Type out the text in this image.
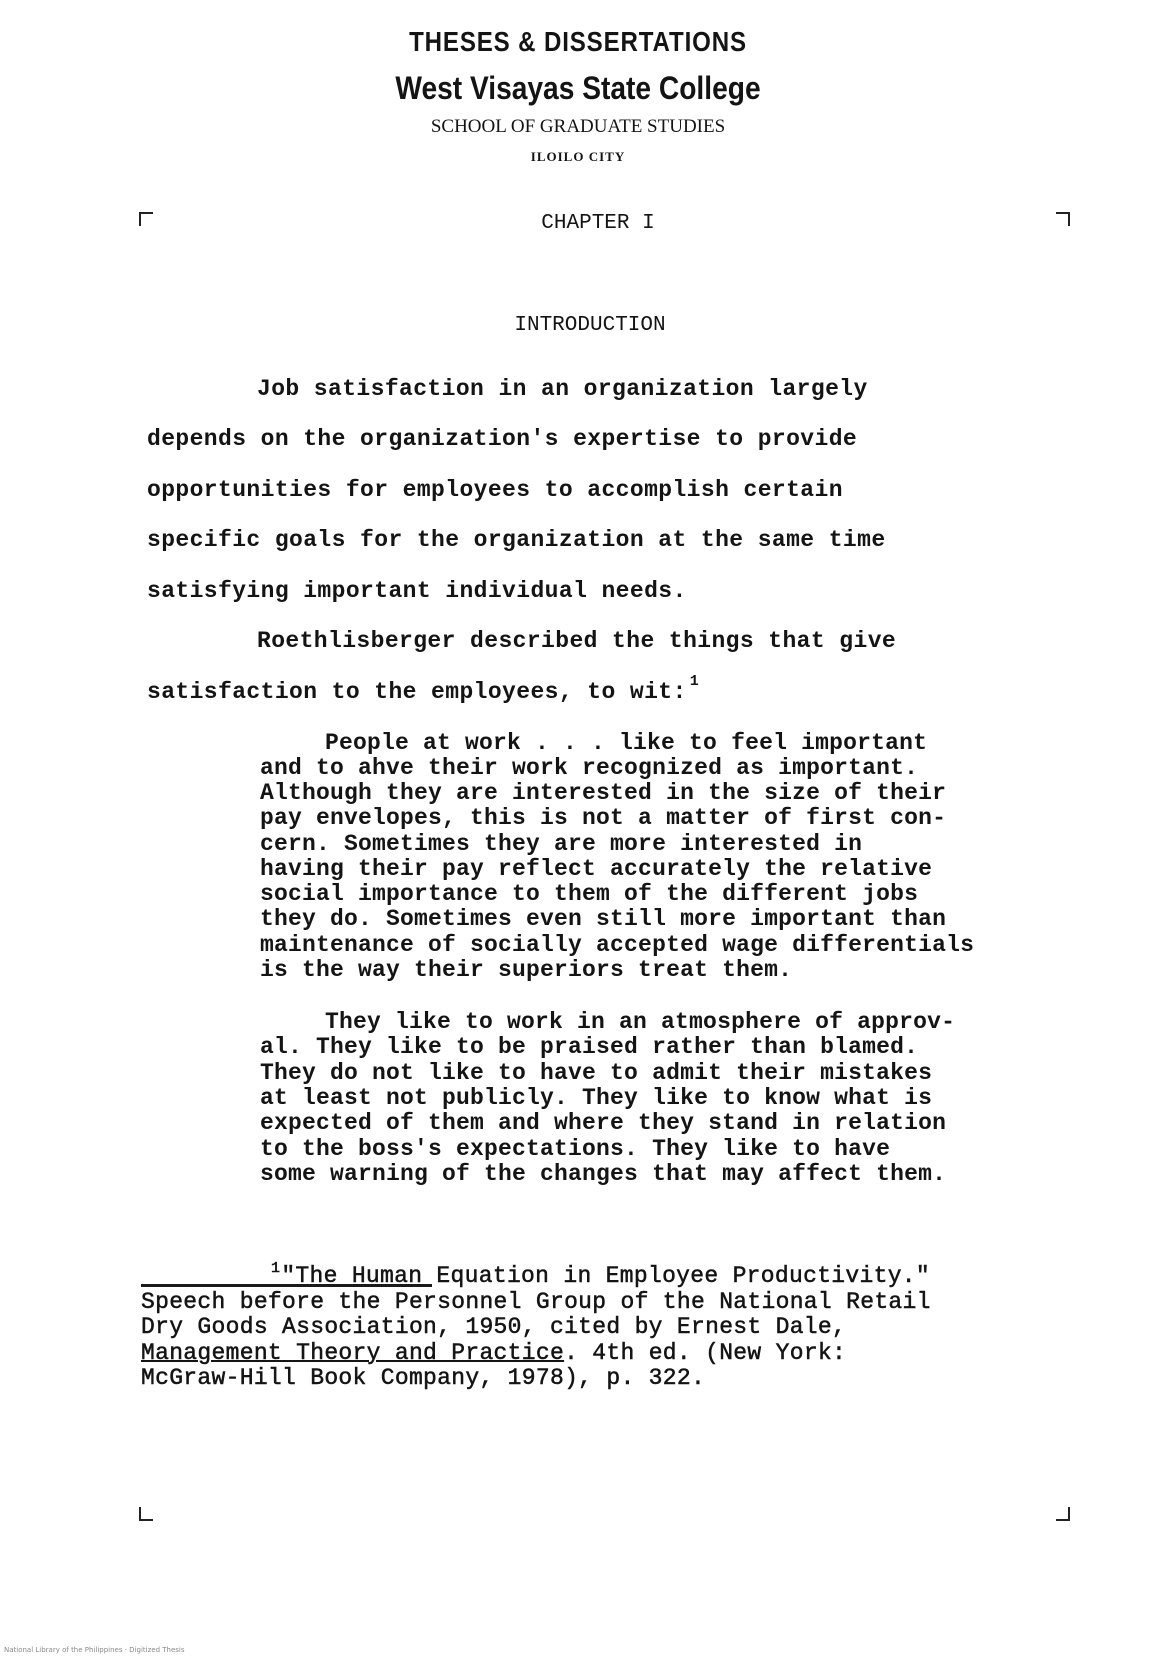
THESES & DISSERTATIONS
West Visayas State College
SCHOOL OF GRADUATE STUDIES
ILOILO CITY
CHAPTER I
INTRODUCTION
Job satisfaction in an organization largely
depends on the organization's expertise to provide
opportunities for employees to accomplish certain
specific goals for the organization at the same time
satisfying important individual needs.
Roethlisberger described the things that give
satisfaction to the employees, to wit: $^1$
People at work . . . like to feel important
and to ahve their work recognized as important.
Although they are interested in the size of their
pay envelopes, this is not a matter of first con-
cern. Sometimes they are more interested in
having their pay reflect accurately the relative
social importance to them of the different jobs
they do. Sometimes even still more important than
maintenance of socially accepted wage differentials
is the way their superiors treat them.
They like to work in an atmosphere of approv-
al. They like to be praised rather than blamed.
They do not like to have to admit their mistakes
at least not publicly. They like to know what is
expected of them and where they stand in relation
to the boss's expectations. They like to have
some warning of the changes that may affect them.
$^1$"The Human Equation in Employee Productivity."
Speech before the Personnel Group of the National Retail
Dry Goods Association, 1950, cited by Ernest Dale,
Management Theory and Practice. 4th ed. (New York:
McGraw-Hill Book Company, 1978), p. 322.
National Library of the Philippines · Digitized Thesis
